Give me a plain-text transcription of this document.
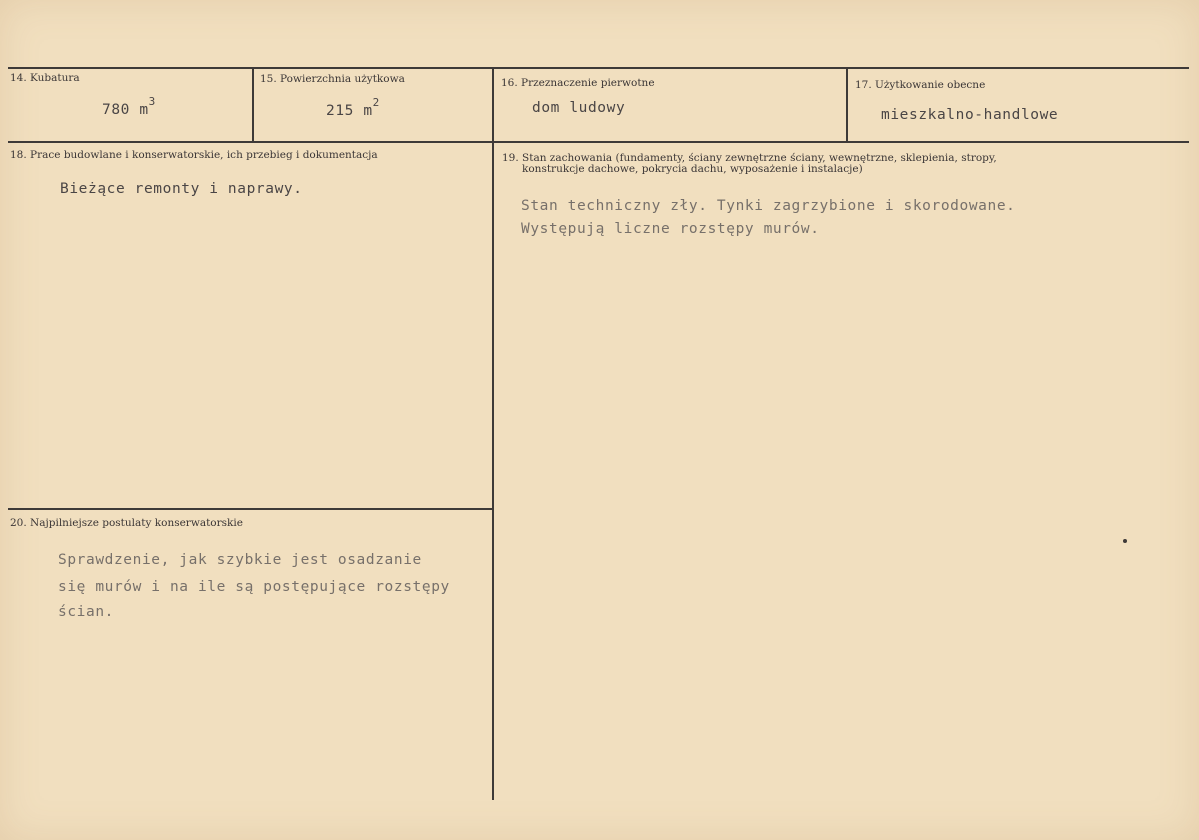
14. Kubatura
780 $m^3$
15. Powierzchnia użytkowa
215 $m^2$
16. Przeznaczenie pierwotne
dom ludowy
17. Użytkowanie obecne
mieszkalno-handlowe
18. Prace budowlane i konserwatorskie, ich przebieg i dokumentacja
Bieżące remonty i naprawy.
19. Stan zachowania (fundamenty, ściany zewnętrzne ściany, wewnętrzne, sklepienia, stropy,
konstrukcje dachowe, pokrycia dachu, wyposażenie i instalacje)
Stan techniczny zły. Tynki zagrzybione i skorodowane.
Występują liczne rozstępy murów.
20. Najpilniejsze postulaty konserwatorskie
Sprawdzenie, jak szybkie jest osadzanie
się murów i na ile są postępujące rozstępy
ścian.
